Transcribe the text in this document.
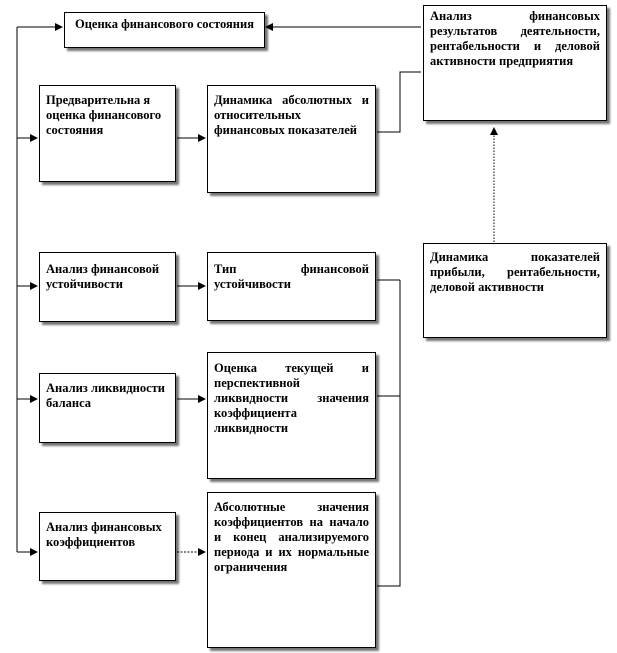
Оценка финансового состояния

Анализ финансовых результатов деятельности, рентабельности и деловой активности предприятия

Предварительна я оценка финансового состояния

Динамика абсолютных и относительных финансовых показателей

Анализ финансовой устойчивости

Тип финансовой устойчивости

Анализ ликвидности баланса

Оценка текущей и перспективной ликвидности значения коэффициента ликвидности

Анализ финансовых коэффициентов

Абсолютные значения коэффициентов на начало и конец анализируемого периода и их нормальные ограничения

Динамика показателей прибыли, рентабельности, деловой активности
